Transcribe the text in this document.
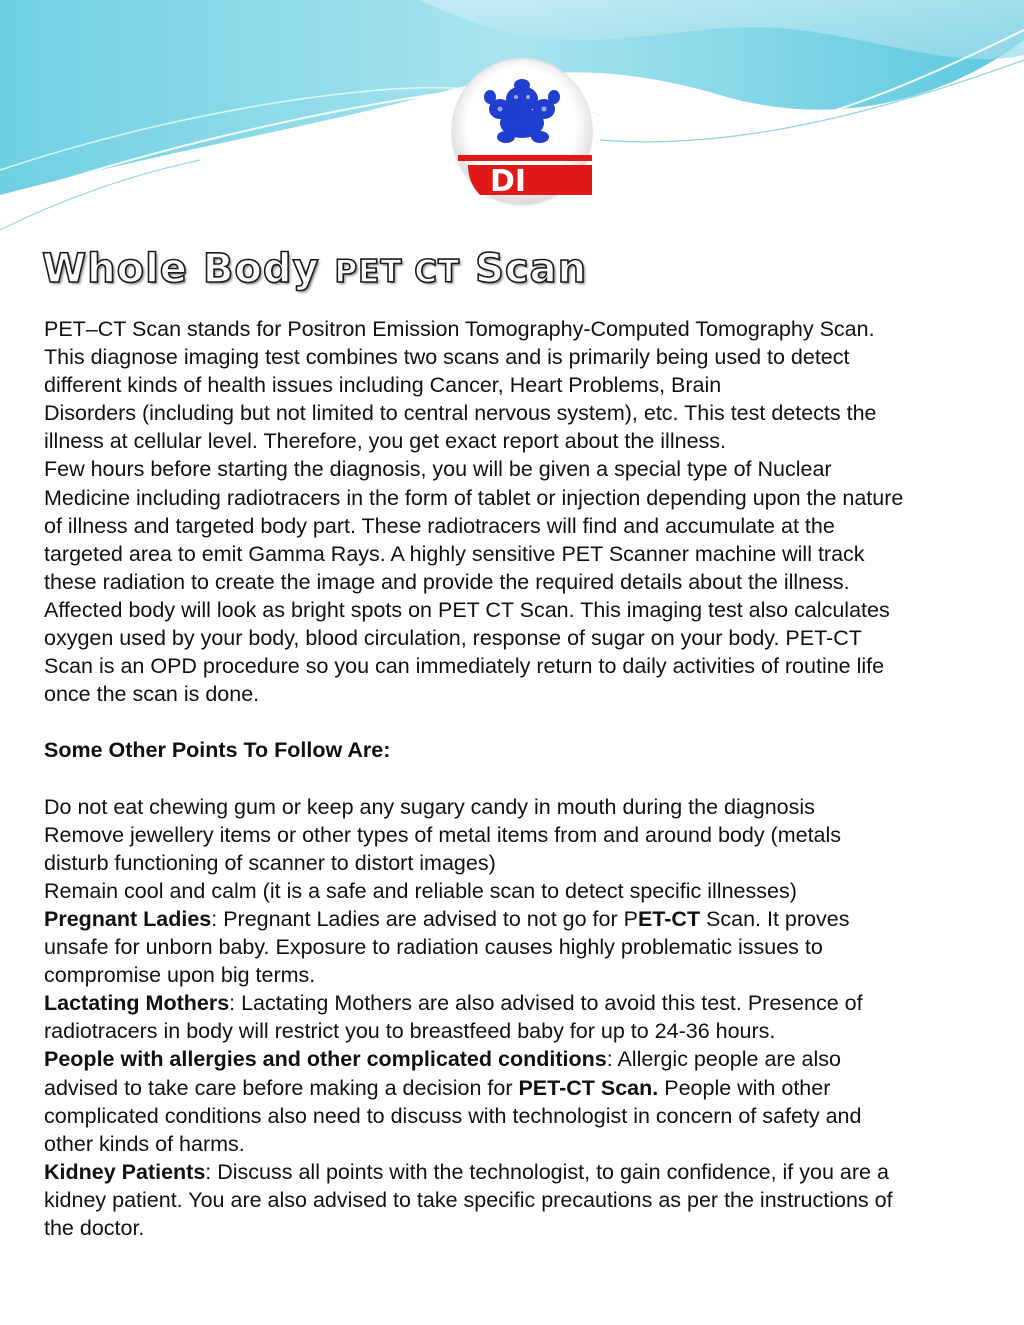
DI
Whole Body PET CT Scan

PET–CT Scan stands for Positron Emission Tomography-Computed Tomography Scan.

This diagnose imaging test combines two scans and is primarily being used to detect

different kinds of health issues including Cancer, Heart Problems, Brain

Disorders (including but not limited to central nervous system), etc. This test detects the

illness at cellular level. Therefore, you get exact report about the illness.

Few hours before starting the diagnosis, you will be given a special type of Nuclear

Medicine including radiotracers in the form of tablet or injection depending upon the nature

of illness and targeted body part. These radiotracers will find and accumulate at the

targeted area to emit Gamma Rays. A highly sensitive PET Scanner machine will track

these radiation to create the image and provide the required details about the illness.

Affected body will look as bright spots on PET CT Scan. This imaging test also calculates

oxygen used by your body, blood circulation, response of sugar on your body. PET-CT

Scan is an OPD procedure so you can immediately return to daily activities of routine life

once the scan is done.

Some Other Points To Follow Are:

Do not eat chewing gum or keep any sugary candy in mouth during the diagnosis

Remove jewellery items or other types of metal items from and around body (metals

disturb functioning of scanner to distort images)

Remain cool and calm (it is a safe and reliable scan to detect specific illnesses)

Pregnant Ladies: Pregnant Ladies are advised to not go for PET-CT Scan. It proves

unsafe for unborn baby. Exposure to radiation causes highly problematic issues to

compromise upon big terms.

Lactating Mothers: Lactating Mothers are also advised to avoid this test. Presence of

radiotracers in body will restrict you to breastfeed baby for up to 24-36 hours.

People with allergies and other complicated conditions: Allergic people are also

advised to take care before making a decision for PET-CT Scan. People with other

complicated conditions also need to discuss with technologist in concern of safety and

other kinds of harms.

Kidney Patients: Discuss all points with the technologist, to gain confidence, if you are a

kidney patient. You are also advised to take specific precautions as per the instructions of

the doctor.
